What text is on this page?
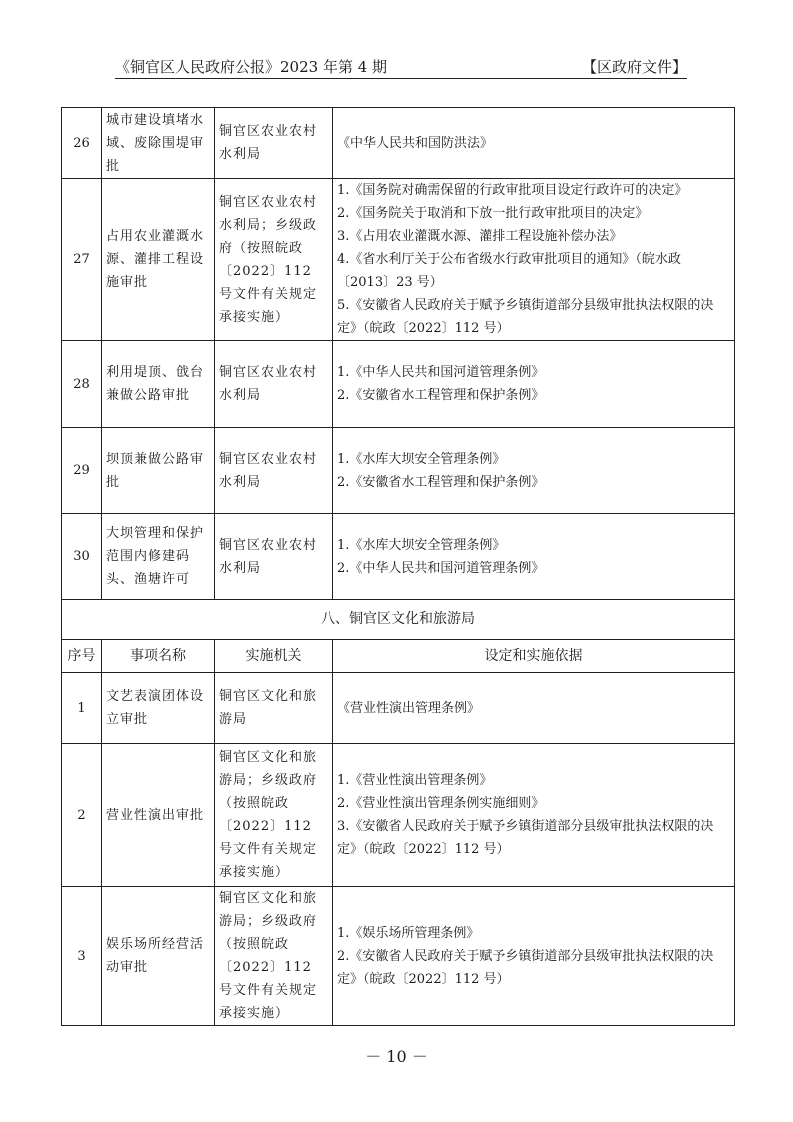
《铜官区人民政府公报》2023 年第 4 期	【区政府文件】
26	城市建设填堵水域、废除围堤审批	铜官区农业农村水利局	《中华人民共和国防洪法》

27	占用农业灌溉水源、灌排工程设施审批	铜官区农业农村水利局；乡级政府（按照皖政〔2022〕112 号文件有关规定承接实施）	1.《国务院对确需保留的行政审批项目设定行政许可的决定》
2.《国务院关于取消和下放一批行政审批项目的决定》
3.《占用农业灌溉水源、灌排工程设施补偿办法》
4.《省水利厅关于公布省级水行政审批项目的通知》（皖水政〔2013〕23 号）
5.《安徽省人民政府关于赋予乡镇街道部分县级审批执法权限的决定》（皖政〔2022〕112 号）

28	利用堤顶、戗台兼做公路审批	铜官区农业农村水利局	1.《中华人民共和国河道管理条例》
2.《安徽省水工程管理和保护条例》

29	坝顶兼做公路审批	铜官区农业农村水利局	1.《水库大坝安全管理条例》
2.《安徽省水工程管理和保护条例》

30	大坝管理和保护范围内修建码头、渔塘许可	铜官区农业农村水利局	1.《水库大坝安全管理条例》
2.《中华人民共和国河道管理条例》

八、铜官区文化和旅游局			
序号	事项名称	实施机关	设定和实施依据
1	文艺表演团体设立审批	铜官区文化和旅游局	《营业性演出管理条例》

2	营业性演出审批	铜官区文化和旅游局；乡级政府（按照皖政〔2022〕112 号文件有关规定承接实施）	1.《营业性演出管理条例》
2.《营业性演出管理条例实施细则》
3.《安徽省人民政府关于赋予乡镇街道部分县级审批执法权限的决定》（皖政〔2022〕112 号）

3	娱乐场所经营活动审批	铜官区文化和旅游局；乡级政府（按照皖政〔2022〕112 号文件有关规定承接实施）	1.《娱乐场所管理条例》
2.《安徽省人民政府关于赋予乡镇街道部分县级审批执法权限的决定》（皖政〔2022〕112 号）
－ 10 －
